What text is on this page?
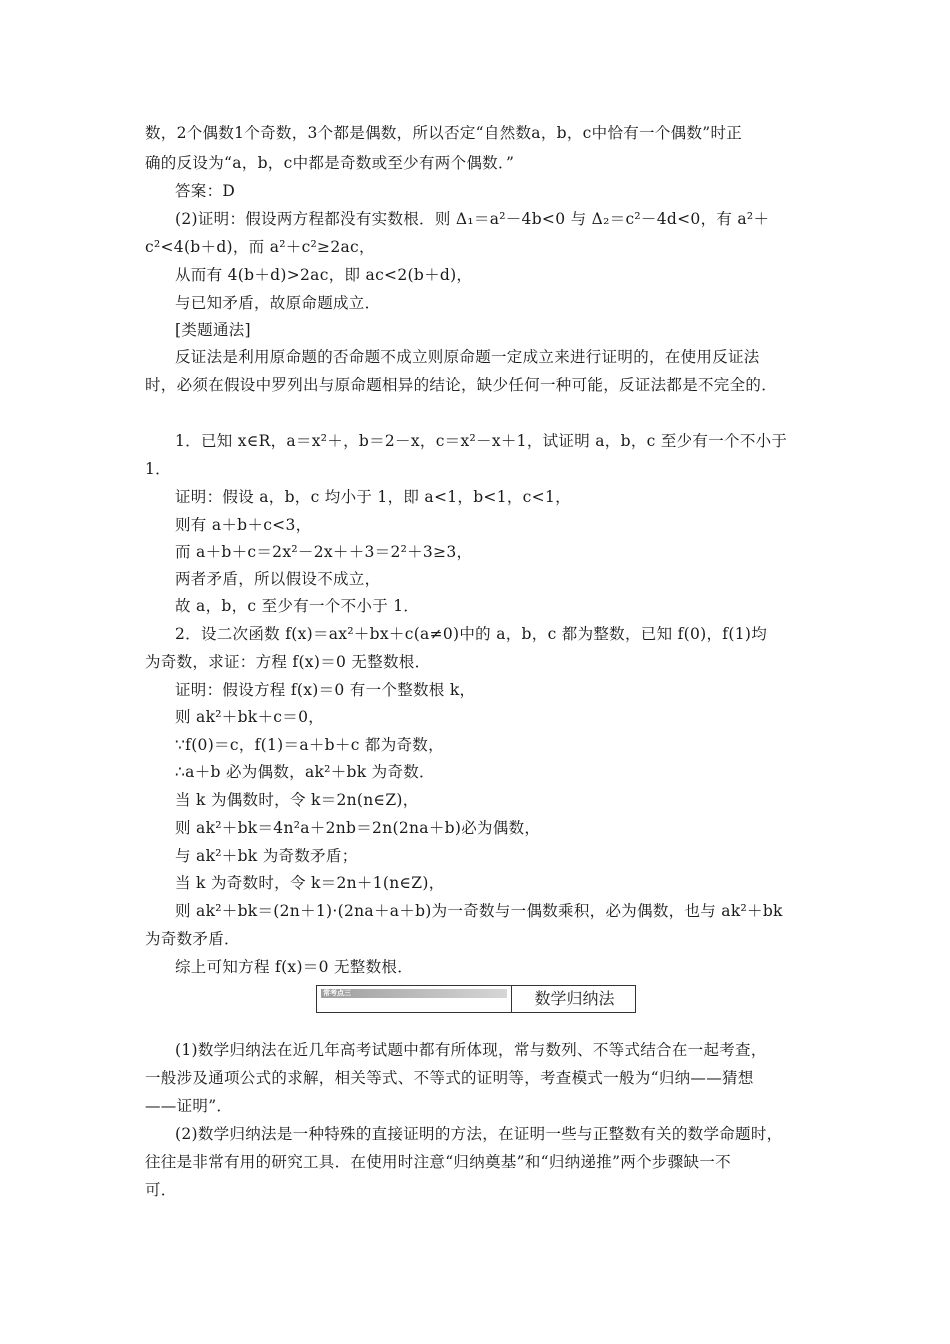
数，2个偶数1个奇数，3个都是偶数，所以否定“自然数a，b，c中恰有一个偶数”时正
确的反设为“a，b，c中都是奇数或至少有两个偶数．”
答案：D
(2)证明：假设两方程都没有实数根．则 Δ₁＝a²－4b<0 与 Δ₂＝c²－4d<0，有 a²＋
c²<4(b＋d)，而 a²＋c²≥2ac，
从而有 4(b＋d)>2ac，即 ac<2(b＋d)，
与已知矛盾，故原命题成立．
[类题通法]
反证法是利用原命题的否命题不成立则原命题一定成立来进行证明的，在使用反证法
时，必须在假设中罗列出与原命题相异的结论，缺少任何一种可能，反证法都是不完全的．
1．已知 x∈R，a＝x²＋，b＝2－x，c＝x²－x＋1，试证明 a，b，c 至少有一个不小于
1．
证明：假设 a，b，c 均小于 1，即 a<1，b<1，c<1，
则有 a＋b＋c<3，
而 a＋b＋c＝2x²－2x＋＋3＝2²＋3≥3，
两者矛盾，所以假设不成立，
故 a，b，c 至少有一个不小于 1．
2．设二次函数 f(x)＝ax²＋bx＋c(a≠0)中的 a，b，c 都为整数，已知 f(0)，f(1)均
为奇数，求证：方程 f(x)＝0 无整数根．
证明：假设方程 f(x)＝0 有一个整数根 k，
则 ak²＋bk＋c＝0，
∵f(0)＝c，f(1)＝a＋b＋c 都为奇数，
∴a＋b 必为偶数，ak²＋bk 为奇数．
当 k 为偶数时，令 k＝2n(n∈Z)，
则 ak²＋bk＝4n²a＋2nb＝2n(2na＋b)必为偶数，
与 ak²＋bk 为奇数矛盾；
当 k 为奇数时，令 k＝2n＋1(n∈Z)，
则 ak²＋bk＝(2n＋1)·(2na＋a＋b)为一奇数与一偶数乘积，必为偶数，也与 ak²＋bk
为奇数矛盾．
综上可知方程 f(x)＝0 无整数根．
常考点三	数学归纳法
(1)数学归纳法在近几年高考试题中都有所体现，常与数列、不等式结合在一起考查，
一般涉及通项公式的求解，相关等式、不等式的证明等，考查模式一般为“归纳——猜想
——证明”．
(2)数学归纳法是一种特殊的直接证明的方法，在证明一些与正整数有关的数学命题时，
往往是非常有用的研究工具．在使用时注意“归纳奠基”和“归纳递推”两个步骤缺一不
可．
